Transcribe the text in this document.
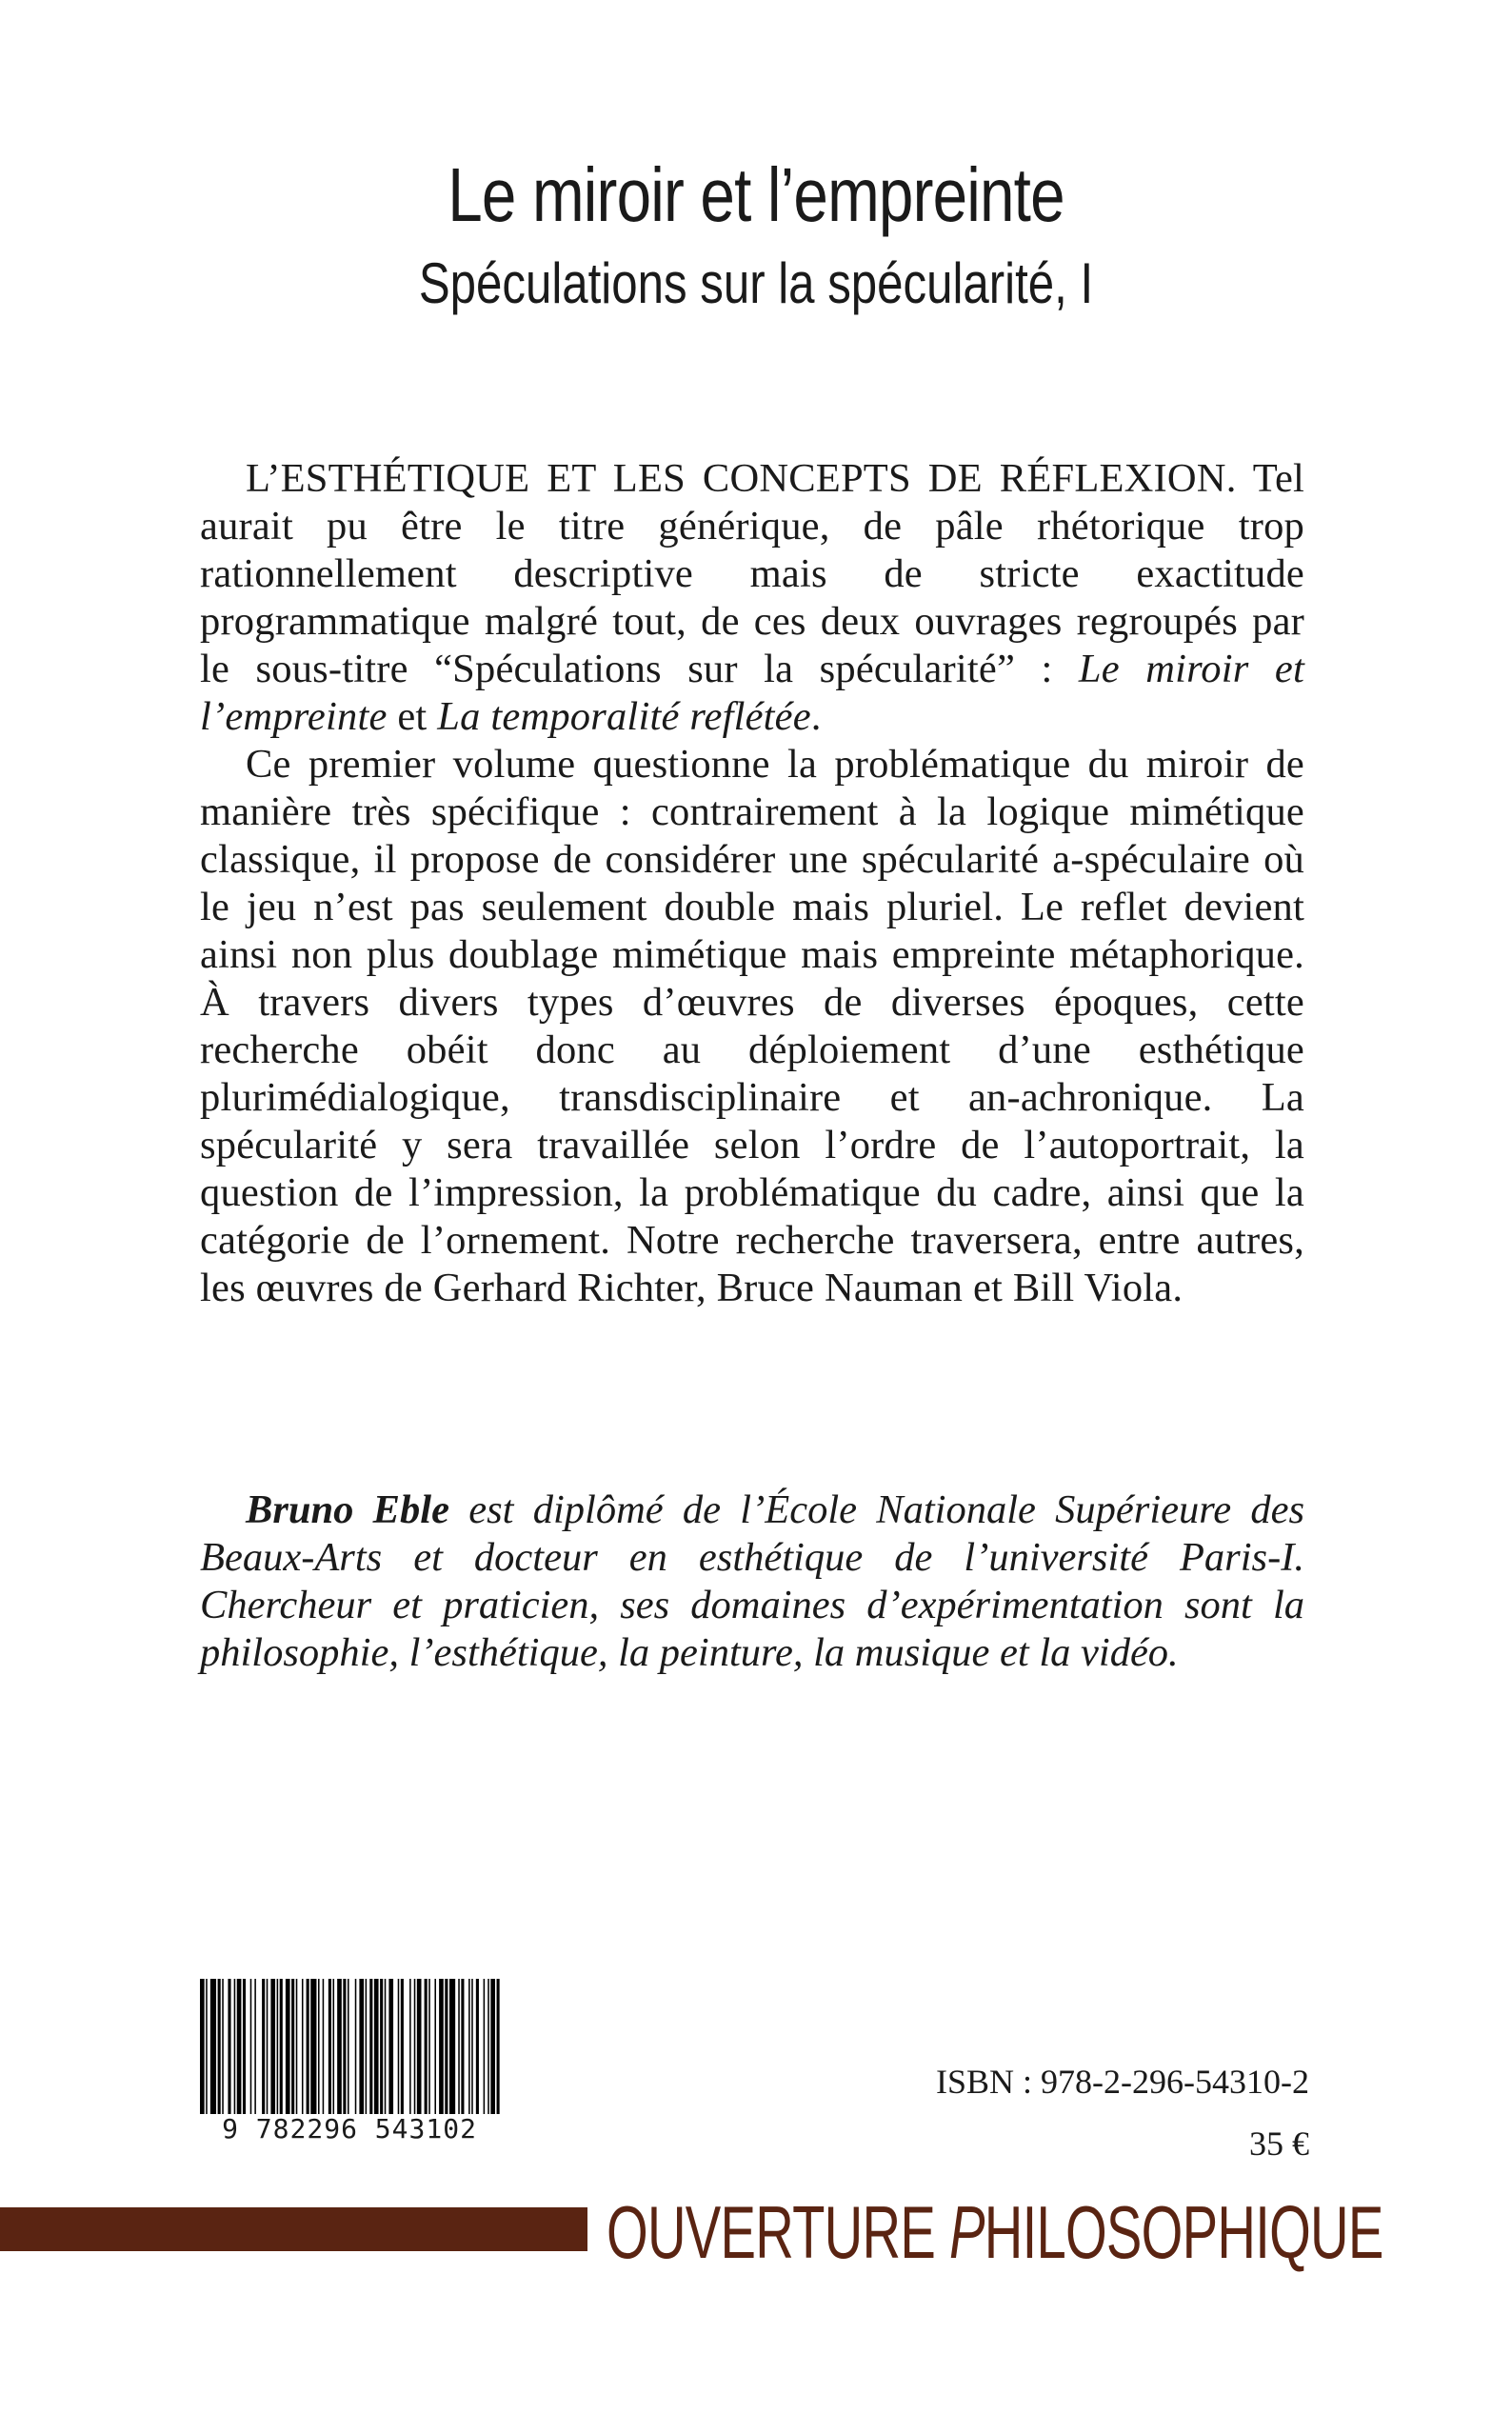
Le miroir et l’empreinte
Spéculations sur la spécularité, I

L’ESTHÉTIQUE ET LES CONCEPTS DE RÉFLEXION. Tel aurait pu être le titre générique, de pâle rhétorique trop rationnellement descriptive mais de stricte exactitude programmatique malgré tout, de ces deux ouvrages regroupés par le sous-titre “Spéculations sur la spécularité” : Le miroir et l’empreinte et La temporalité reflétée.

Ce premier volume questionne la problématique du miroir de manière très spécifique : contrairement à la logique mimétique classique, il propose de considérer une spécularité a-spéculaire où le jeu n’est pas seulement double mais pluriel. Le reflet devient ainsi non plus doublage mimétique mais empreinte métaphorique. À travers divers types d’œuvres de diverses époques, cette recherche obéit donc au déploiement d’une esthétique plurimédialogique, transdisciplinaire et an-achronique. La spécularité y sera travaillée selon l’ordre de l’autoportrait, la question de l’impression, la problématique du cadre, ainsi que la catégorie de l’ornement. Notre recherche traversera, entre autres, les œuvres de Gerhard Richter, Bruce Nauman et Bill Viola.

Bruno Eble est diplômé de l’École Nationale Supérieure des Beaux-Arts et docteur en esthétique de l’université Paris-I. Chercheur et praticien, ses domaines d’expérimentation sont la philosophie, l’esthétique, la peinture, la musique et la vidéo.

9 782296 543102
ISBN : 978-2-296-54310-2
35 €
OUVERTURE PHILOSOPHIQUE
